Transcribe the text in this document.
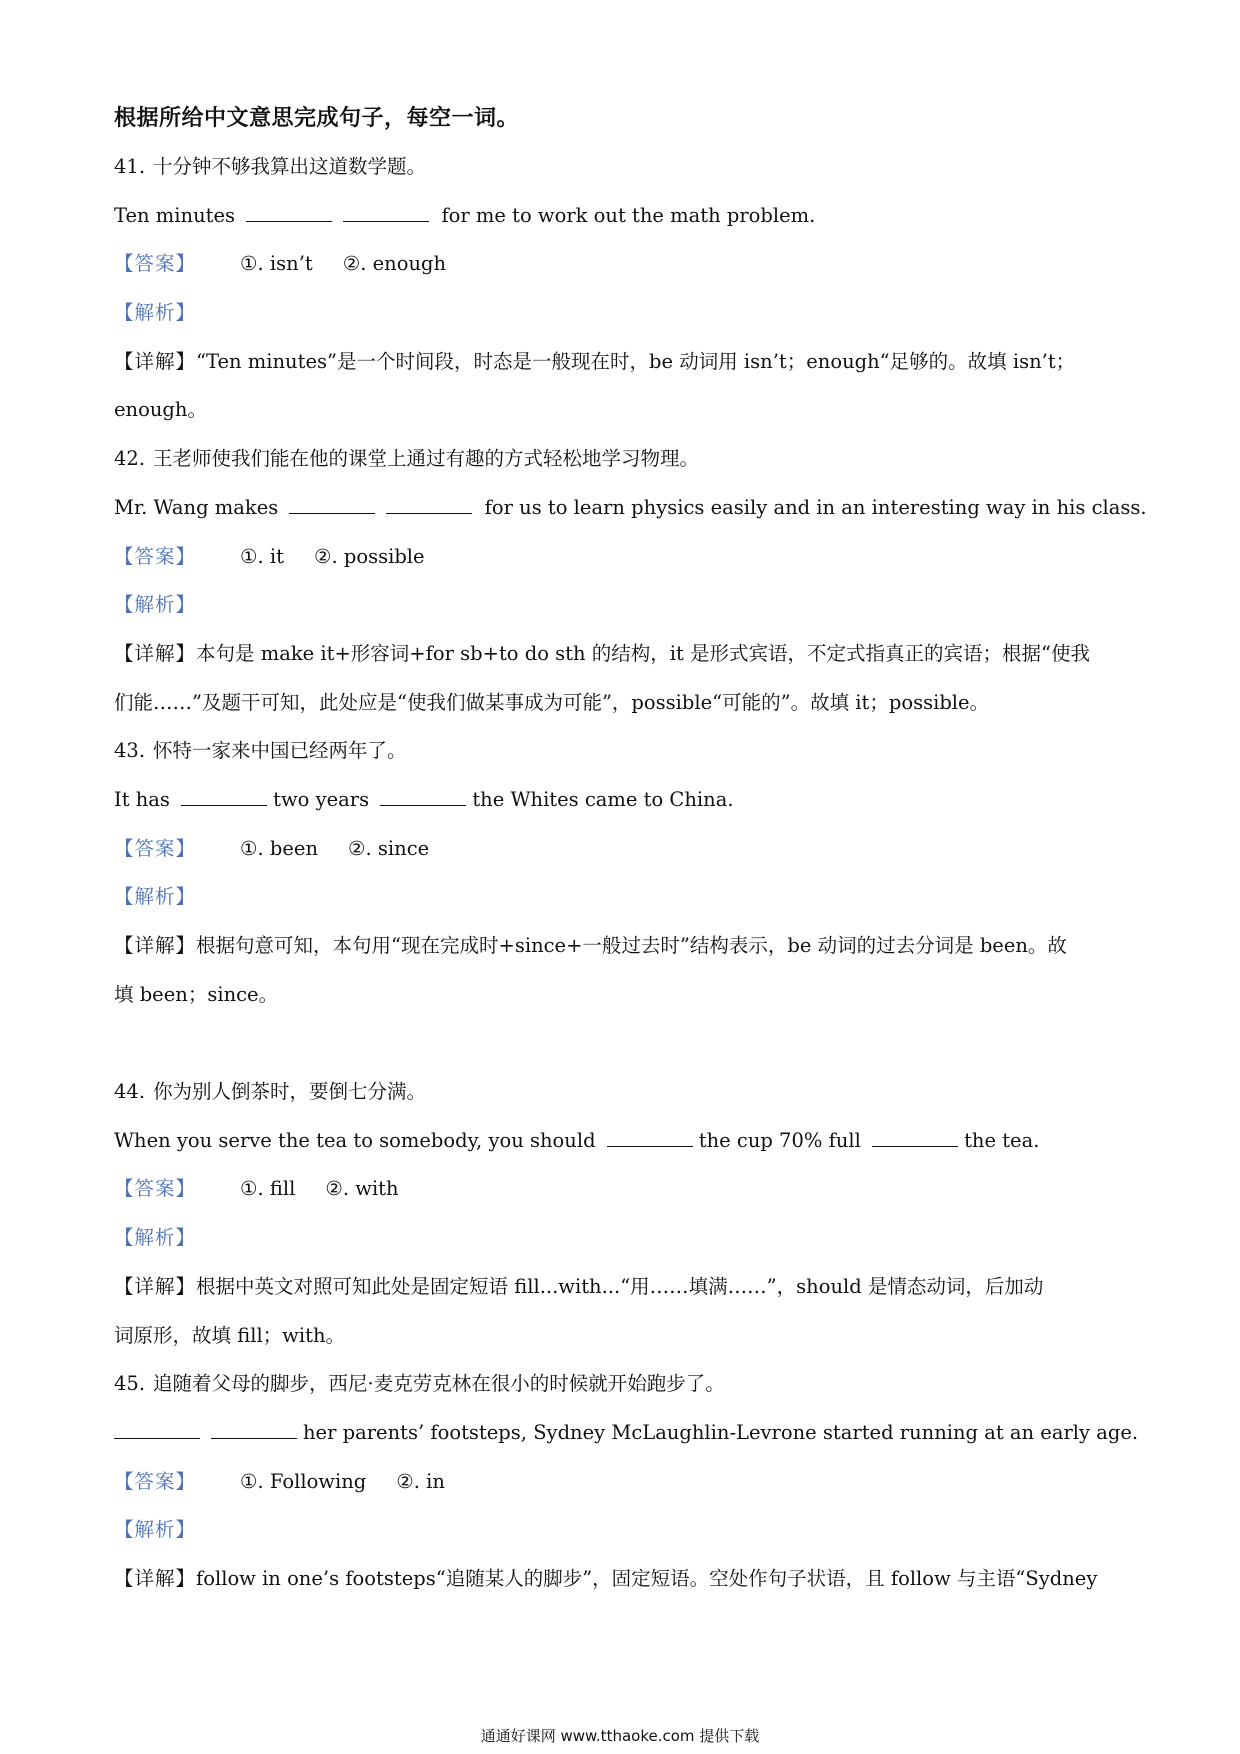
根据所给中文意思完成句子，每空一词。
41. 十分钟不够我算出这道数学题。
Ten minutes	for me to work out the math problem.
【答案】 ①. isn’t ②. enough
【解析】
【详解】“Ten minutes”是一个时间段，时态是一般现在时，be 动词用 isn’t；enough“足够的。故填 isn’t；
enough。
42. 王老师使我们能在他的课堂上通过有趣的方式轻松地学习物理。
Mr. Wang makes	for us to learn physics easily and in an interesting way in his class.
【答案】 ①. it ②. possible
【解析】
【详解】本句是 make it+形容词+for sb+to do sth 的结构，it 是形式宾语，不定式指真正的宾语；根据“使我
们能……”及题干可知，此处应是“使我们做某事成为可能”，possible“可能的”。故填 it；possible。
43. 怀特一家来中国已经两年了。
It has	two years	the Whites came to China.
【答案】 ①. been ②. since
【解析】
【详解】根据句意可知，本句用“现在完成时+since+一般过去时”结构表示，be 动词的过去分词是 been。故
填 been；since。
44. 你为别人倒茶时，要倒七分满。
When you serve the tea to somebody, you should	the cup 70% full	the tea.
【答案】 ①. fill ②. with
【解析】
【详解】根据中英文对照可知此处是固定短语 fill...with...“用……填满……”，should 是情态动词，后加动
词原形，故填 fill；with。
45. 追随着父母的脚步，西尼·麦克劳克林在很小的时候就开始跑步了。
her parents’ footsteps, Sydney McLaughlin-Levrone started running at an early age.
【答案】 ①. Following ②. in
【解析】
【详解】follow in one’s footsteps“追随某人的脚步”，固定短语。空处作句子状语，且 follow 与主语“Sydney
通通好课网 www.tthaoke.com 提供下载
